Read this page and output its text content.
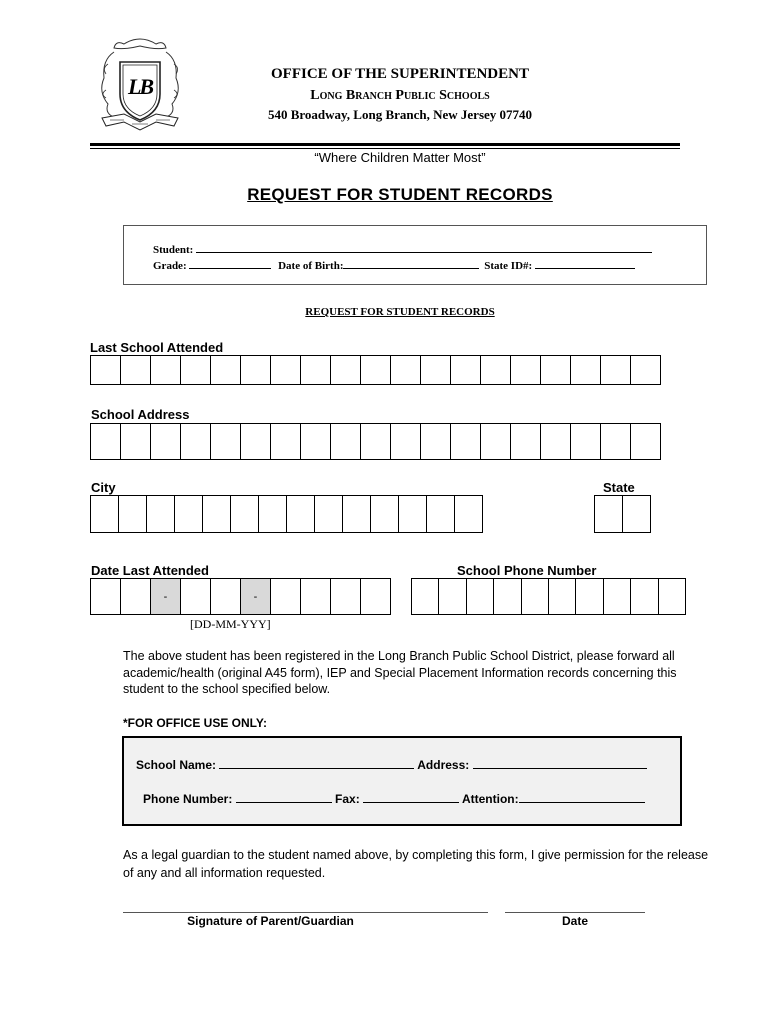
LB	OFFICE OF THE SUPERINTENDENT
Long Branch Public Schools
540 Broadway, Long Branch, New Jersey 07740
“Where Children Matter Most”
REQUEST FOR STUDENT RECORDS
Student:
Grade:	Date of Birth:	State ID#:
REQUEST FOR STUDENT RECORDS
Last School Attended
School Address
City	State
Date Last Attended
-	-
[DD-MM-YYY]
School Phone Number
The above student has been registered in the Long Branch Public School District, please forward all academic/health (original A45 form), IEP and Special Placement Information records concerning this student to the school specified below.
*FOR OFFICE USE ONLY:
School Name:	Address:
Phone Number:	Fax:	Attention:
As a legal guardian to the student named above, by completing this form, I give permission for the release of any and all information requested.
Signature of Parent/Guardian	Date
